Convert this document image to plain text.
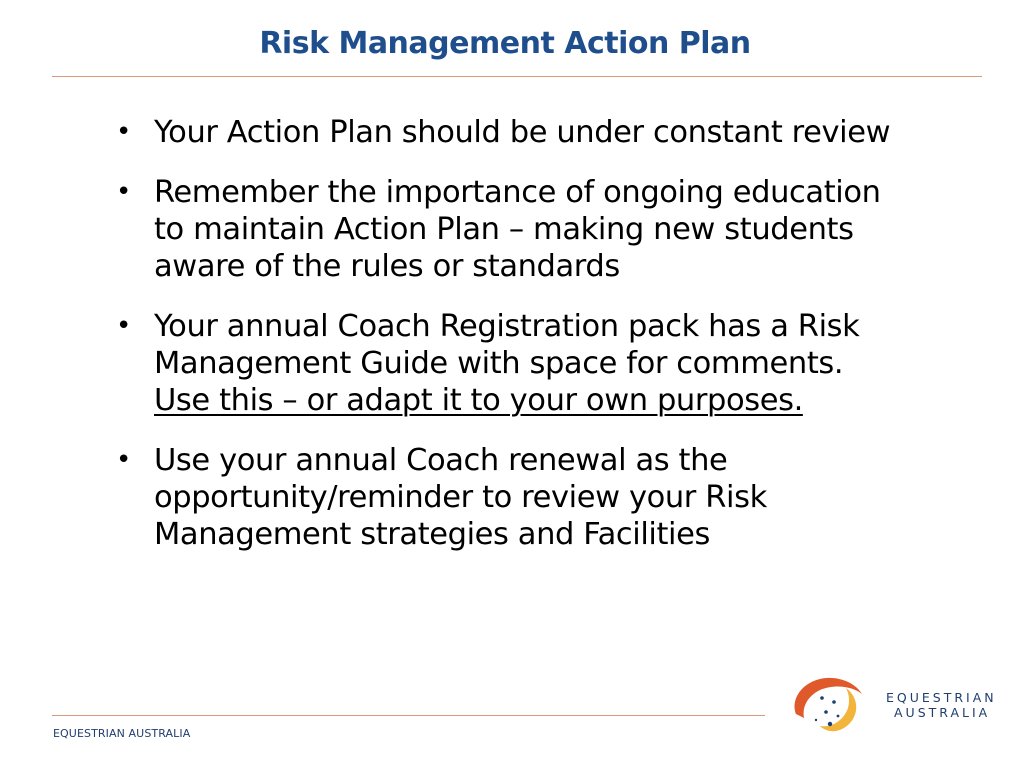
Risk Management Action Plan
• Your Action Plan should be under constant review
• Remember the importance of ongoing education
to maintain Action Plan – making new students
aware of the rules or standards
• Your annual Coach Registration pack has a Risk
Management Guide with space for comments.
Use this – or adapt it to your own purposes.
• Use your annual Coach renewal as the
opportunity/reminder to review your Risk
Management strategies and Facilities
EQUESTRIAN AUSTRALIA
EQUESTRIAN
AUSTRALIA
